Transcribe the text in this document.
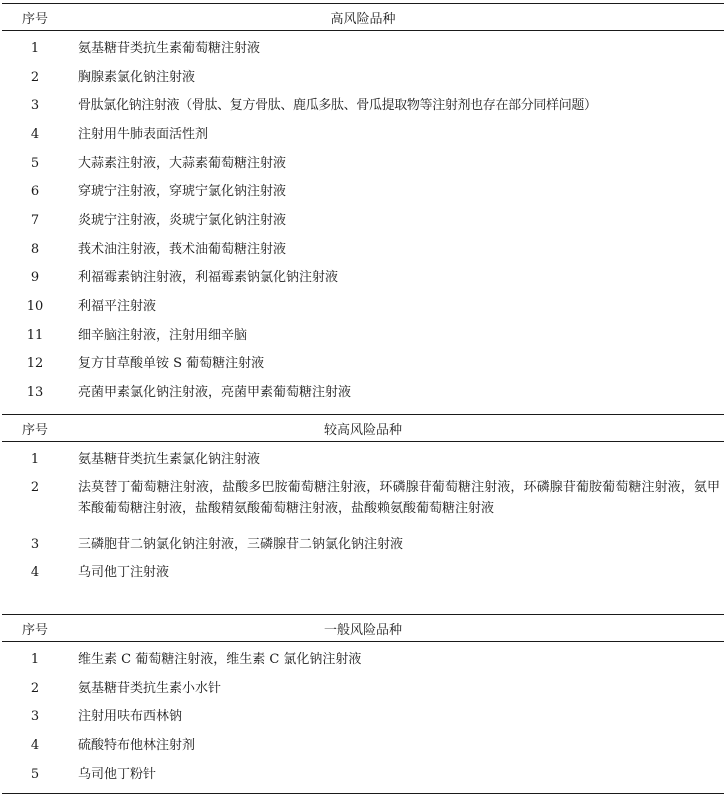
序号	高风险品种
1	氨基糖苷类抗生素葡萄糖注射液
2	胸腺素氯化钠注射液
3	骨肽氯化钠注射液（骨肽、复方骨肽、鹿瓜多肽、骨瓜提取物等注射剂也存在部分同样问题）
4	注射用牛肺表面活性剂
5	大蒜素注射液，大蒜素葡萄糖注射液
6	穿琥宁注射液，穿琥宁氯化钠注射液
7	炎琥宁注射液，炎琥宁氯化钠注射液
8	莪术油注射液，莪术油葡萄糖注射液
9	利福霉素钠注射液，利福霉素钠氯化钠注射液
10	利福平注射液
11	细辛脑注射液，注射用细辛脑
12	复方甘草酸单铵 S 葡萄糖注射液
13	亮菌甲素氯化钠注射液，亮菌甲素葡萄糖注射液
序号	较高风险品种
1	氨基糖苷类抗生素氯化钠注射液
2	法莫替丁葡萄糖注射液，盐酸多巴胺葡萄糖注射液，环磷腺苷葡萄糖注射液，环磷腺苷葡胺葡萄糖注射液，氨甲苯酸葡萄糖注射液，盐酸精氨酸葡萄糖注射液，盐酸赖氨酸葡萄糖注射液
3	三磷胞苷二钠氯化钠注射液，三磷腺苷二钠氯化钠注射液
4	乌司他丁注射液
序号	一般风险品种
1	维生素 C 葡萄糖注射液，维生素 C 氯化钠注射液
2	氨基糖苷类抗生素小水针
3	注射用呋布西林钠
4	硫酸特布他林注射剂
5	乌司他丁粉针
